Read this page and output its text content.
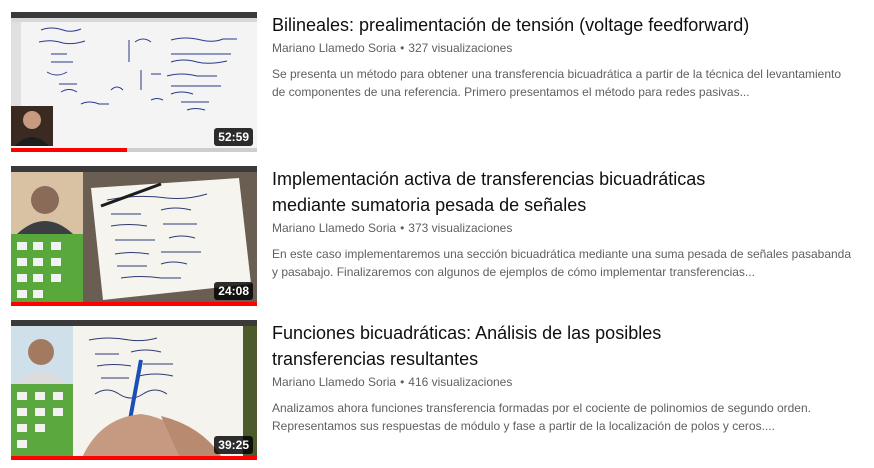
52:59
Bilineales: prealimentación de tensión (voltage feedforward)
Mariano Llamedo Soria • 327 visualizaciones
Se presenta un método para obtener una transferencia bicuadrática a partir de la técnica del levantamiento
de componentes de una referencia. Primero presentamos el método para redes pasivas...
24:08
Implementación activa de transferencias bicuadráticas
mediante sumatoria pesada de señales
Mariano Llamedo Soria • 373 visualizaciones
En este caso implementaremos una sección bicuadrática mediante una suma pesada de señales pasabanda
y pasabajo. Finalizaremos con algunos de ejemplos de cómo implementar transferencias...
39:25
Funciones bicuadráticas: Análisis de las posibles
transferencias resultantes
Mariano Llamedo Soria • 416 visualizaciones
Analizamos ahora funciones transferencia formadas por el cociente de polinomios de segundo orden.
Representamos sus respuestas de módulo y fase a partir de la localización de polos y ceros....
